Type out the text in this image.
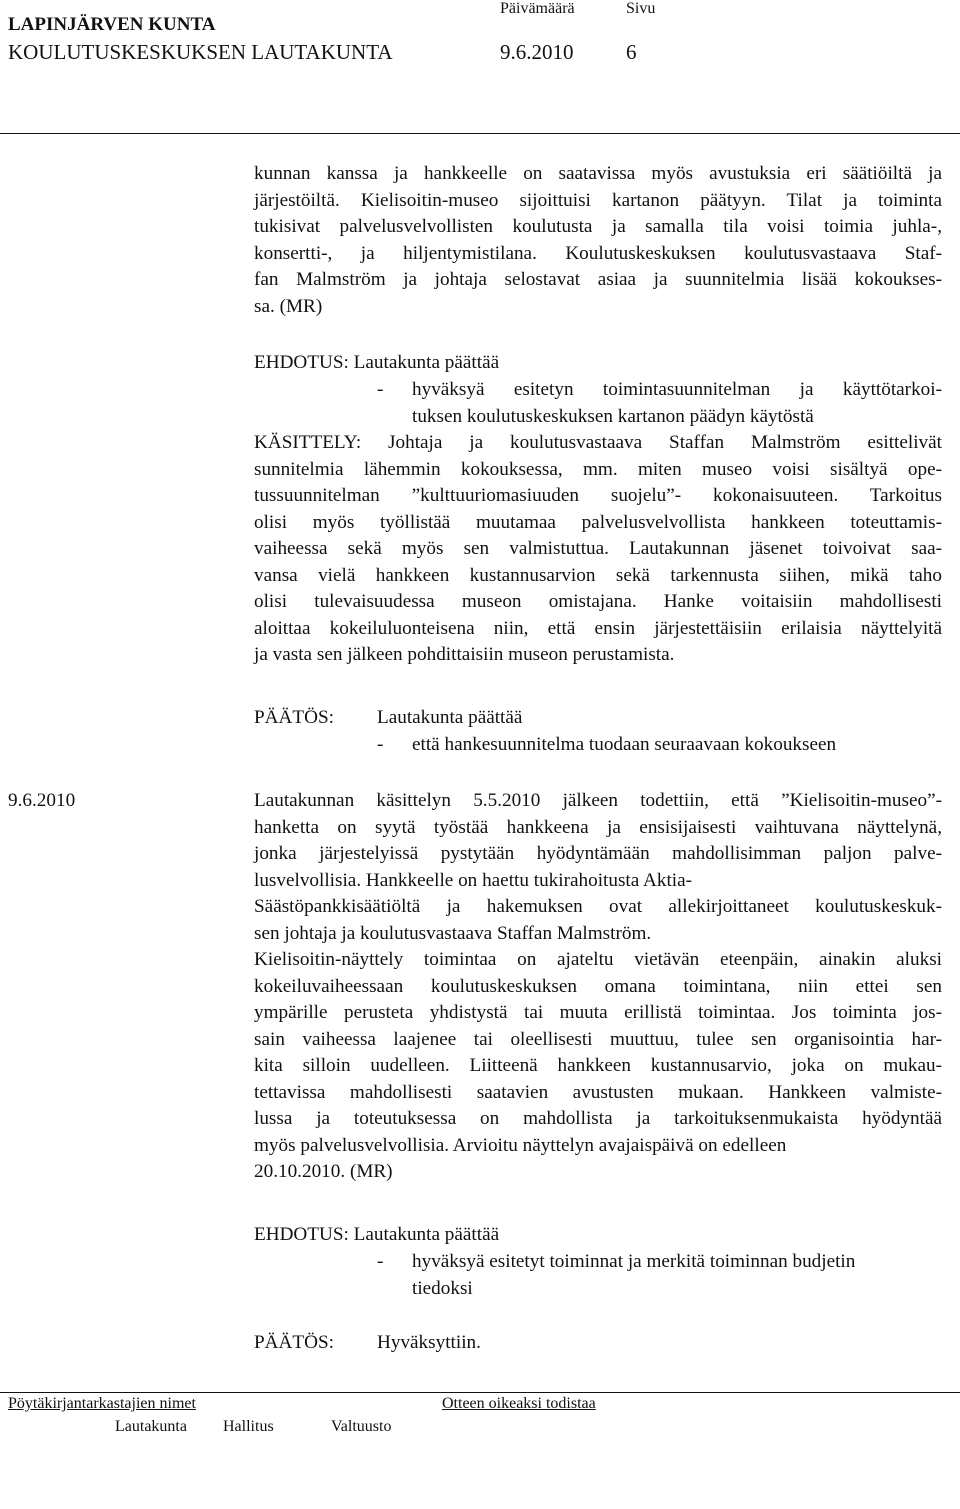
LAPINJÄRVEN KUNTA
KOULUTUSKESKUKSEN LAUTAKUNTA
Päivämäärä	Sivu
9.6.2010	6
kunnan kanssa ja hankkeelle on saatavissa myös avustuksia eri säätiöiltä ja
järjestöiltä. Kielisoitin-museo sijoittuisi kartanon päätyyn. Tilat ja toiminta
tukisivat palvelusvelvollisten koulutusta ja samalla tila voisi toimia juhla-,
konsertti-, ja hiljentymistilana. Koulutuskeskuksen koulutusvastaava Staf-
fan Malmström ja johtaja selostavat asiaa ja suunnitelmia lisää kokoukses-
sa. (MR)
EHDOTUS: Lautakunta päättää
- hyväksyä esitetyn toimintasuunnitelman ja käyttötarkoi-
tuksen koulutuskeskuksen kartanon päädyn käytöstä
KÄSITTELY: Johtaja ja koulutusvastaava Staffan Malmström esittelivät
sunnitelmia lähemmin kokouksessa, mm. miten museo voisi sisältyä ope-
tussuunnitelman ”kulttuuriomasiuuden suojelu”- kokonaisuuteen. Tarkoitus
olisi myös työllistää muutamaa palvelusvelvollista hankkeen toteuttamis-
vaiheessa sekä myös sen valmistuttua. Lautakunnan jäsenet toivoivat saa-
vansa vielä hankkeen kustannusarvion sekä tarkennusta siihen, mikä taho
olisi tulevaisuudessa museon omistajana. Hanke voitaisiin mahdollisesti
aloittaa kokeiluluonteisena niin, että ensin järjestettäisiin erilaisia näyttelyitä
ja vasta sen jälkeen pohdittaisiin museon perustamista.
PÄÄTÖS: Lautakunta päättää
- että hankesuunnitelma tuodaan seuraavaan kokoukseen
9.6.2010	Lautakunnan käsittelyn 5.5.2010 jälkeen todettiin, että ”Kielisoitin-museo”-
hanketta on syytä työstää hankkeena ja ensisijaisesti vaihtuvana näyttelynä,
jonka järjestelyissä pystytään hyödyntämään mahdollisimman paljon palve-
lusvelvollisia. Hankkeelle on haettu tukirahoitusta Aktia-
Säästöpankkisäätiöltä ja hakemuksen ovat allekirjoittaneet koulutuskeskuk-
sen johtaja ja koulutusvastaava Staffan Malmström.
Kielisoitin-näyttely toimintaa on ajateltu vietävän eteenpäin, ainakin aluksi
kokeiluvaiheessaan koulutuskeskuksen omana toimintana, niin ettei sen
ympärille perusteta yhdistystä tai muuta erillistä toimintaa. Jos toiminta jos-
sain vaiheessa laajenee tai oleellisesti muuttuu, tulee sen organisointia har-
kita silloin uudelleen. Liitteenä hankkeen kustannusarvio, joka on mukau-
tettavissa mahdollisesti saatavien avustusten mukaan. Hankkeen valmiste-
lussa ja toteutuksessa on mahdollista ja tarkoituksenmukaista hyödyntää
myös palvelusvelvollisia. Arvioitu näyttelyn avajaispäivä on edelleen
20.10.2010. (MR)
EHDOTUS: Lautakunta päättää
- hyväksyä esitetyt toiminnat ja merkitä toiminnan budjetin
tiedoksi
PÄÄTÖS: Hyväksyttiin.
Pöytäkirjantarkastajien nimet	Otteen oikeaksi todistaa
Lautakunta Hallitus	Valtuusto
